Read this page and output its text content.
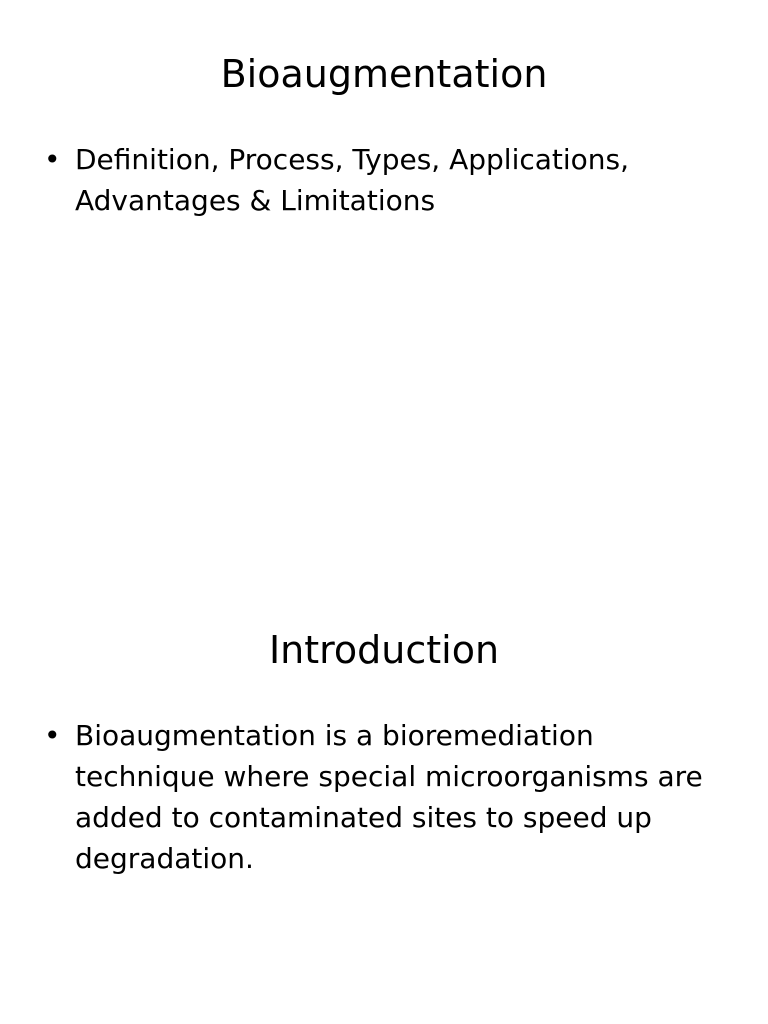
Bioaugmentation
• Definition, Process, Types, Applications, Advantages & Limitations
Introduction
• Bioaugmentation is a bioremediation technique where special microorganisms are added to contaminated sites to speed up degradation.
